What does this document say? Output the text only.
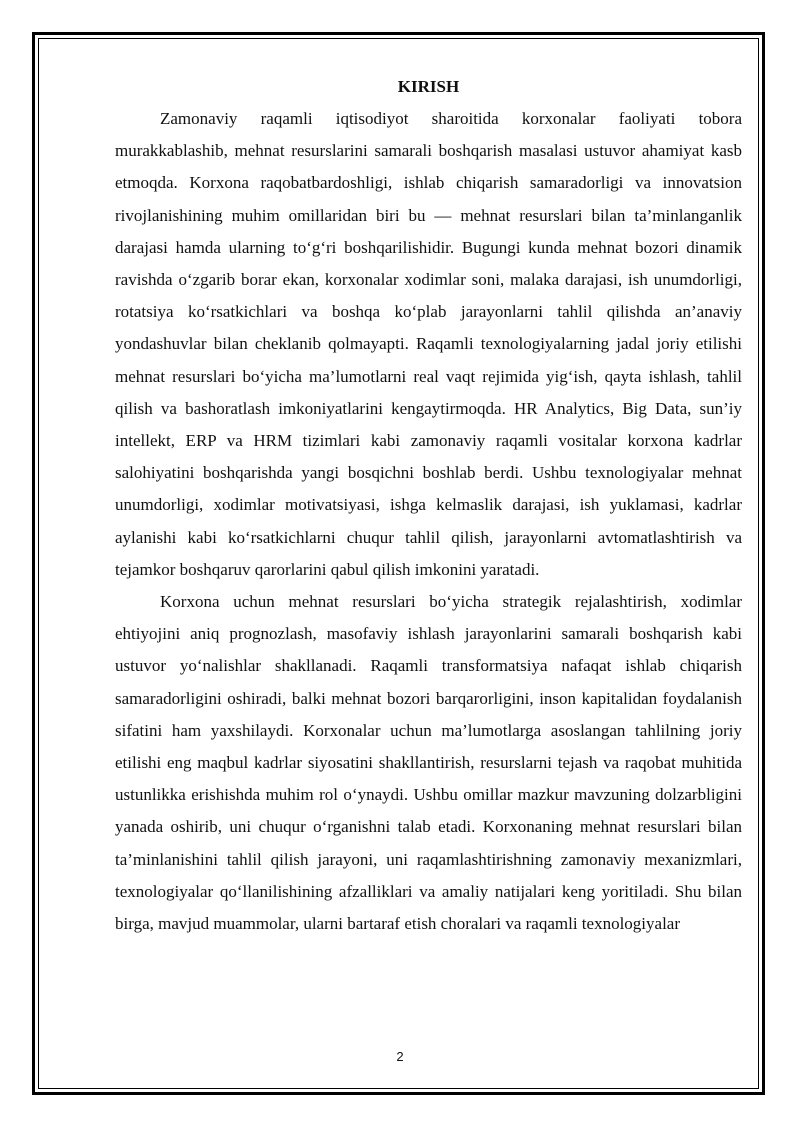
KIRISH

Zamonaviy raqamli iqtisodiyot sharoitida korxonalar faoliyati tobora murakkablashib, mehnat resurslarini samarali boshqarish masalasi ustuvor ahamiyat kasb etmoqda. Korxona raqobatbardoshligi, ishlab chiqarish samaradorligi va innovatsion rivojlanishining muhim omillaridan biri bu — mehnat resurslari bilan ta’minlanganlik darajasi hamda ularning to‘g‘ri boshqarilishidir. Bugungi kunda mehnat bozori dinamik ravishda o‘zgarib borar ekan, korxonalar xodimlar soni, malaka darajasi, ish unumdorligi, rotatsiya ko‘rsatkichlari va boshqa ko‘plab jarayonlarni tahlil qilishda an’anaviy yondashuvlar bilan cheklanib qolmayapti. Raqamli texnologiyalarning jadal joriy etilishi mehnat resurslari bo‘yicha ma’lumotlarni real vaqt rejimida yig‘ish, qayta ishlash, tahlil qilish va bashoratlash imkoniyatlarini kengaytirmoqda. HR Analytics, Big Data, sun’iy intellekt, ERP va HRM tizimlari kabi zamonaviy raqamli vositalar korxona kadrlar salohiyatini boshqarishda yangi bosqichni boshlab berdi. Ushbu texnologiyalar mehnat unumdorligi, xodimlar motivatsiyasi, ishga kelmaslik darajasi, ish yuklamasi, kadrlar aylanishi kabi ko‘rsatkichlarni chuqur tahlil qilish, jarayonlarni avtomatlashtirish va tejamkor boshqaruv qarorlarini qabul qilish imkonini yaratadi.

Korxona uchun mehnat resurslari bo‘yicha strategik rejalashtirish, xodimlar ehtiyojini aniq prognozlash, masofaviy ishlash jarayonlarini samarali boshqarish kabi ustuvor yo‘nalishlar shakllanadi. Raqamli transformatsiya nafaqat ishlab chiqarish samaradorligini oshiradi, balki mehnat bozori barqarorligini, inson kapitalidan foydalanish sifatini ham yaxshilaydi. Korxonalar uchun ma’lumotlarga asoslangan tahlilning joriy etilishi eng maqbul kadrlar siyosatini shakllantirish, resurslarni tejash va raqobat muhitida ustunlikka erishishda muhim rol o‘ynaydi. Ushbu omillar mazkur mavzuning dolzarbligini yanada oshirib, uni chuqur o‘rganishni talab etadi. Korxonaning mehnat resurslari bilan ta’minlanishini tahlil qilish jarayoni, uni raqamlashtirishning zamonaviy mexanizmlari, texnologiyalar qo‘llanilishining afzalliklari va amaliy natijalari keng yoritiladi. Shu bilan birga, mavjud muammolar, ularni bartaraf etish choralari va raqamli texnologiyalar

2
